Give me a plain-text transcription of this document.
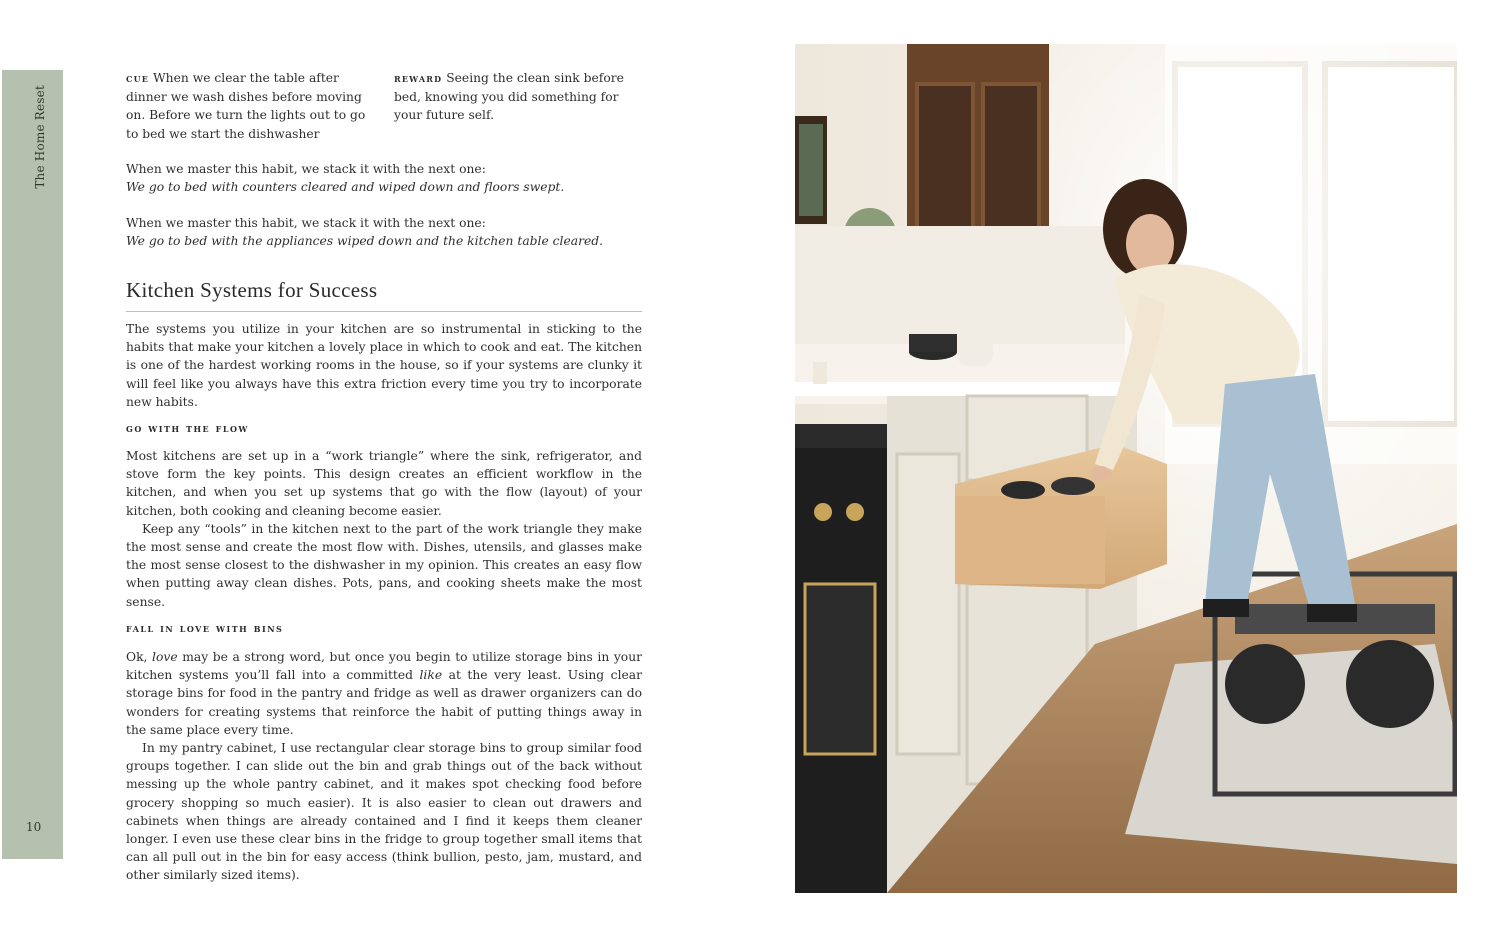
The Home Reset
10

cue When we clear the table after dinner we wash dishes before moving on. Before we turn the lights out to go to bed we start the dishwasher

reward Seeing the clean sink before bed, knowing you did something for your future self.

When we master this habit, we stack it with the next one:

We go to bed with counters cleared and wiped down and floors swept.

When we master this habit, we stack it with the next one:

We go to bed with the appliances wiped down and the kitchen table cleared.

Kitchen Systems for Success

The systems you utilize in your kitchen are so instrumental in sticking to the habits that make your kitchen a lovely place in which to cook and eat. The kitchen is one of the hardest working rooms in the house, so if your systems are clunky it will feel like you always have this extra friction every time you try to incorporate new habits.

go with the flow

Most kitchens are set up in a “work triangle” where the sink, refrigerator, and stove form the key points. This design creates an efficient workflow in the kitchen, and when you set up systems that go with the flow (layout) of your kitchen, both cooking and cleaning become easier.

Keep any “tools” in the kitchen next to the part of the work triangle they make the most sense and create the most flow with. Dishes, utensils, and glasses make the most sense closest to the dishwasher in my opinion. This creates an easy flow when putting away clean dishes. Pots, pans, and cooking sheets make the most sense.

fall in love with bins

Ok, love may be a strong word, but once you begin to utilize storage bins in your kitchen systems you’ll fall into a committed like at the very least. Using clear storage bins for food in the pantry and fridge as well as drawer organizers can do wonders for creating systems that reinforce the habit of putting things away in the same place every time.

In my pantry cabinet, I use rectangular clear storage bins to group similar food groups together. I can slide out the bin and grab things out of the back without messing up the whole pantry cabinet, and it makes spot checking food before grocery shopping so much easier). It is also easier to clean out drawers and cabinets when things are already contained and I find it keeps them cleaner longer. I even use these clear bins in the fridge to group together small items that can all pull out in the bin for easy access (think bullion, pesto, jam, mustard, and other similarly sized items).
